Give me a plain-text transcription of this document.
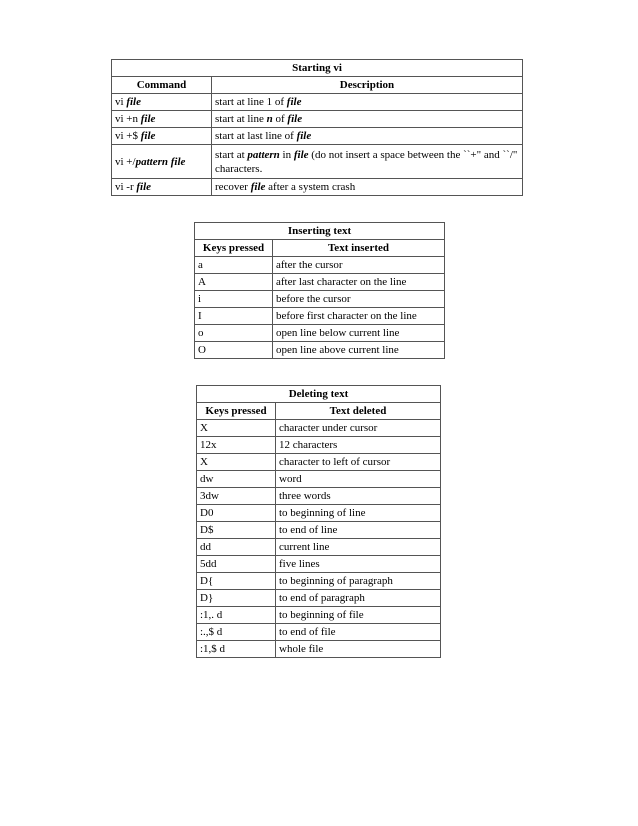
Starting vi	
Command	Description
vi file	start at line 1 of file
vi +n file	start at line n of file
vi +$ file	start at last line of file
vi +/pattern file	start at pattern in file (do not insert a space between the ``+" and ``/" characters.
vi -r file	recover file after a system crash
Inserting text	
Keys pressed	Text inserted
a	after the cursor
A	after last character on the line
i	before the cursor
I	before first character on the line
o	open line below current line
O	open line above current line
Deleting text	
Keys pressed	Text deleted
X	character under cursor
12x	12 characters
X	character to left of cursor
dw	word
3dw	three words
D0	to beginning of line
D$	to end of line
dd	current line
5dd	five lines
D{	to beginning of paragraph
D}	to end of paragraph
:1,. d	to beginning of file
:.,$ d	to end of file
:1,$ d	whole file
